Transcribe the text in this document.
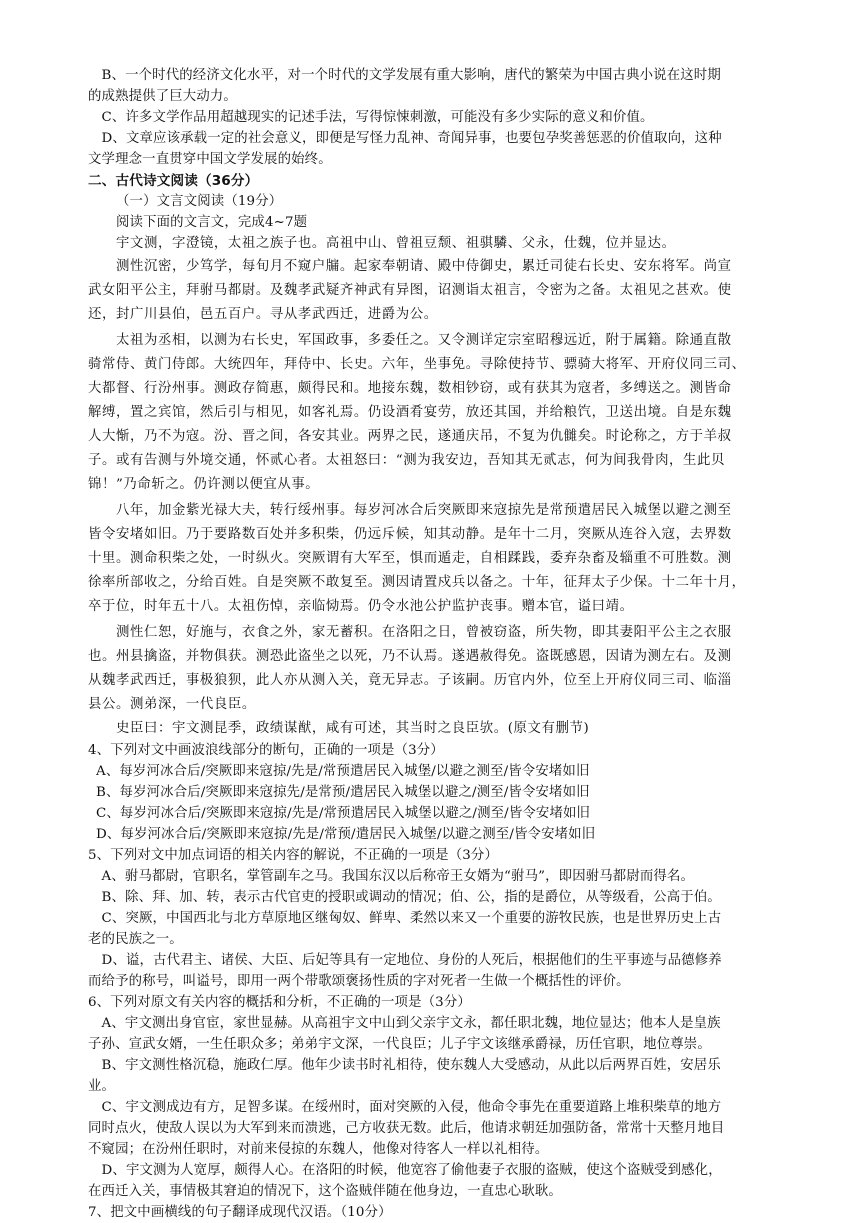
　B、一个时代的经济文化水平，对一个时代的文学发展有重大影响，唐代的繁荣为中国古典小说在这时期
的成熟提供了巨大动力。
　C、许多文学作品用超越现实的记述手法，写得惊悚刺激，可能没有多少实际的意义和价值。
　D、文章应该承载一定的社会意义，即便是写怪力乱神、奇闻异事，也要包孕奖善惩恶的价值取向，这种
文学理念一直贯穿中国文学发展的始终。
二、古代诗文阅读（36分）
（一）文言文阅读（19分）
阅读下面的文言文，完成4~7题
宇文测，字澄镜，太祖之族子也。高祖中山、曾祖豆颓、祖骐驎、父永，仕魏，位并显达。
测性沉密，少笃学，每旬月不窥户牖。起家奉朝请、殿中侍御史，累迁司徒右长史、安东将军。尚宣
武女阳平公主，拜驸马都尉。及魏孝武疑齐神武有异图，诏测诣太祖言，令密为之备。太祖见之甚欢。使
还，封广川县伯，邑五百户。寻从孝武西迁，进爵为公。
太祖为丞相，以测为右长史，军国政事，多委任之。又令测详定宗室昭穆远近，附于属籍。除通直散
骑常侍、黄门侍郎。大统四年，拜侍中、长史。六年，坐事免。寻除使持节、骠骑大将军、开府仪同三司、
大都督、行汾州事。测政存简惠，颇得民和。地接东魏，数相钞窃，或有获其为寇者，多缚送之。测皆命
解缚，置之宾馆，然后引与相见，如客礼焉。仍设酒肴宴劳，放还其国，并给粮饩，卫送出境。自是东魏
人大惭，乃不为寇。汾、晋之间，各安其业。两界之民，遂通庆吊，不复为仇雠矣。时论称之，方于羊叔
子。或有告测与外境交通，怀贰心者。太祖怒曰：“测为我安边，吾知其无贰志，何为间我骨肉，生此贝
锦！”乃命斩之。仍许测以便宜从事。
八年，加金紫光禄大夫，转行绥州事。每岁河冰合后突厥即来寇掠先是常预遣居民入城堡以避之测至
皆令安堵如旧。乃于要路数百处并多积柴，仍远斥候，知其动静。是年十二月，突厥从连谷入寇，去界数
十里。测命积柴之处，一时纵火。突厥谓有大军至，惧而遁走，自相蹂践，委弃杂畜及辎重不可胜数。测
徐率所部收之，分给百姓。自是突厥不敢复至。测因请置戍兵以备之。十年，征拜太子少保。十二年十月，
卒于位，时年五十八。太祖伤悼，亲临恸焉。仍令水池公护监护丧事。赠本官，谥曰靖。
测性仁恕，好施与，衣食之外，家无蓄积。在洛阳之日，曾被窃盗，所失物，即其妻阳平公主之衣服
也。州县擒盗，并物俱获。测恐此盗坐之以死，乃不认焉。遂遇赦得免。盗既感恩，因请为测左右。及测
从魏孝武西迁，事极狼狈，此人亦从测入关，竟无异志。子该嗣。历官内外，位至上开府仪同三司、临淄
县公。测弟深，一代良臣。
史臣曰：宇文测昆季，政绩谋猷，咸有可述，其当时之良臣欤。(原文有删节)
4、下列对文中画波浪线部分的断句，正确的一项是（3分）
A、每岁河冰合后/突厥即来寇掠/先是/常预遣居民入城堡/以避之测至/皆令安堵如旧
B、每岁河冰合后/突厥即来寇掠先/是常预/遣居民入城堡以避之/测至/皆令安堵如旧
C、每岁河冰合后/突厥即来寇掠/先是/常预遣居民入城堡以避之/测至/皆令安堵如旧
D、每岁河冰合后/突厥即来寇掠/先是/常预/遣居民入城堡/以避之测至/皆令安堵如旧
5、下列对文中加点词语的相关内容的解说，不正确的一项是（3分）
　A、驸马都尉，官职名，掌管副车之马。我国东汉以后称帝王女婿为“驸马”，即因驸马都尉而得名。
　B、除、拜、加、转，表示古代官吏的授职或调动的情况；伯、公，指的是爵位，从等级看，公高于伯。
　C、突厥，中国西北与北方草原地区继匈奴、鲜卑、柔然以来又一个重要的游牧民族，也是世界历史上古
老的民族之一。
　D、谥，古代君主、诸侯、大臣、后妃等具有一定地位、身份的人死后，根据他们的生平事迹与品德修养
而给予的称号，叫谥号，即用一两个带歌颂褒扬性质的字对死者一生做一个概括性的评价。
6、下列对原文有关内容的概括和分析，不正确的一项是（3分）
　A、宇文测出身官宦，家世显赫。从高祖宇文中山到父亲宇文永，都任职北魏，地位显达；他本人是皇族
子孙、宣武女婿，一生任职众多；弟弟宇文深，一代良臣；儿子宇文该继承爵禄，历任官职，地位尊崇。
　B、宇文测性格沉稳，施政仁厚。他年少读书时礼相待，使东魏人大受感动，从此以后两界百姓，安居乐
业。
　C、宇文测成边有方，足智多谋。在绥州时，面对突厥的入侵，他命令事先在重要道路上堆积柴草的地方
同时点火，使敌人误以为大军到来而溃逃，己方收获无数。此后，他请求朝廷加强防备，常常十天整月地目
不窥园；在汾州任职时，对前来侵掠的东魏人，他像对待客人一样以礼相待。
　D、宇文测为人宽厚，颇得人心。在洛阳的时候，他宽容了偷他妻子衣服的盗贼，使这个盗贼受到感化，
在西迁入关，事情极其窘迫的情况下，这个盗贼伴随在他身边，一直忠心耿耿。
7、把文中画横线的句子翻译成现代汉语。（10分）
